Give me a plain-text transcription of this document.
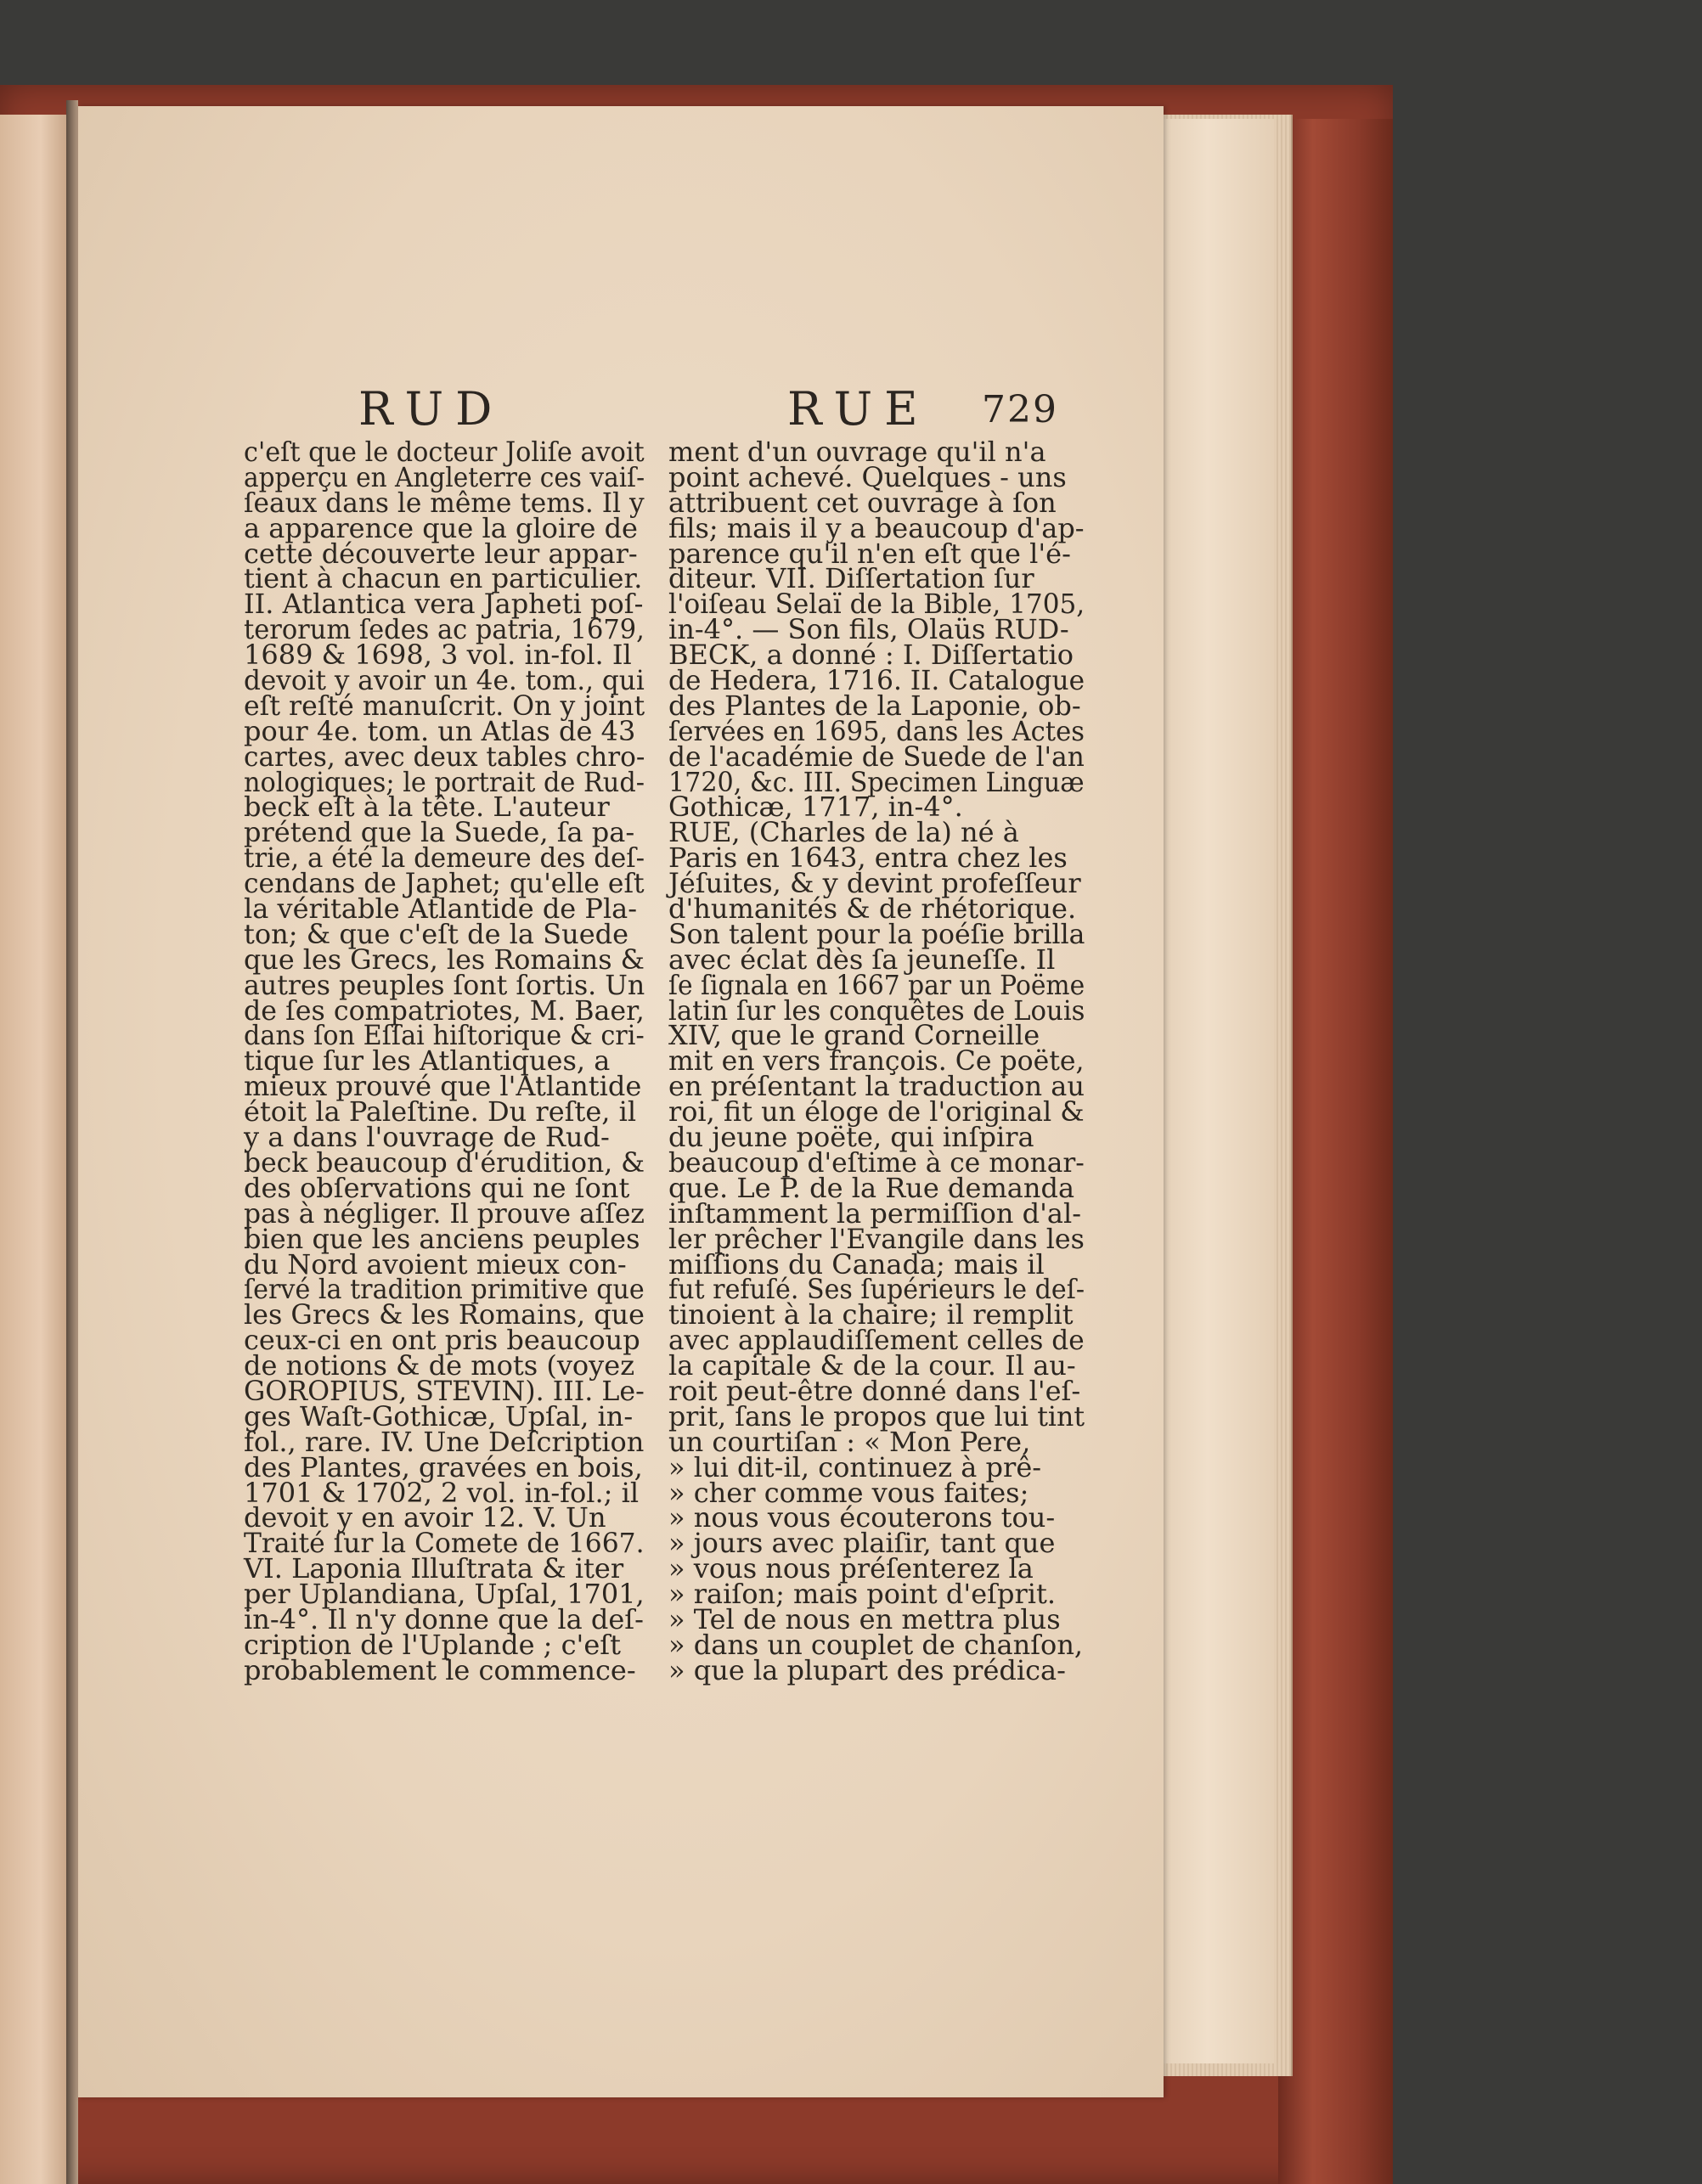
RUD	RUE 729
c'eſt que le docteur Joliſe avoit
apperçu en Angleterre ces vaiſ-
ſeaux dans le même tems. Il y
a apparence que la gloire de
cette découverte leur appar-
tient à chacun en particulier.
II. Atlantica vera Japheti poſ-
terorum ſedes ac patria, 1679,
1689 & 1698, 3 vol. in-fol. Il
devoit y avoir un 4e. tom., qui
eſt reſté manuſcrit. On y joint
pour 4e. tom. un Atlas de 43
cartes, avec deux tables chro-
nologiques; le portrait de Rud-
beck eſt à la tête. L'auteur
prétend que la Suede, ſa pa-
trie, a été la demeure des deſ-
cendans de Japhet; qu'elle eſt
la véritable Atlantide de Pla-
ton; & que c'eſt de la Suede
que les Grecs, les Romains &
autres peuples ſont ſortis. Un
de ſes compatriotes, M. Baer,
dans ſon Eſſai hiſtorique & cri-
tique ſur les Atlantiques, a
mieux prouvé que l'Atlantide
étoit la Paleſtine. Du reſte, il
y a dans l'ouvrage de Rud-
beck beaucoup d'érudition, &
des obſervations qui ne ſont
pas à négliger. Il prouve aſſez
bien que les anciens peuples
du Nord avoient mieux con-
ſervé la tradition primitive que
les Grecs & les Romains, que
ceux-ci en ont pris beaucoup
de notions & de mots (voyez
GOROPIUS, STEVIN). III. Le-
ges Waſt-Gothicæ, Upſal, in-
fol., rare. IV. Une Deſcription
des Plantes, gravées en bois,
1701 & 1702, 2 vol. in-fol.; il
devoit y en avoir 12. V. Un
Traité ſur la Comete de 1667.
VI. Laponia Illuſtrata & iter
per Uplandiana, Upſal, 1701,
in-4°. Il n'y donne que la deſ-
cription de l'Uplande ; c'eſt
probablement le commence-
ment d'un ouvrage qu'il n'a
point achevé. Quelques - uns
attribuent cet ouvrage à ſon
fils; mais il y a beaucoup d'ap-
parence qu'il n'en eſt que l'é-
diteur. VII. Diſſertation ſur
l'oiſeau Selaï de la Bible, 1705,
in-4°. — Son fils, Olaüs RUD-
BECK, a donné : I. Diſſertatio
de Hedera, 1716. II. Catalogue
des Plantes de la Laponie, ob-
ſervées en 1695, dans les Actes
de l'académie de Suede de l'an
1720, &c. III. Specimen Linguæ
Gothicæ, 1717, in-4°.
RUE, (Charles de la) né à
Paris en 1643, entra chez les
Jéſuites, & y devint profeſſeur
d'humanités & de rhétorique.
Son talent pour la poéſie brilla
avec éclat dès ſa jeuneſſe. Il
ſe ſignala en 1667 par un Poëme
latin ſur les conquêtes de Louis
XIV, que le grand Corneille
mit en vers françois. Ce poëte,
en préſentant la traduction au
roi, fit un éloge de l'original &
du jeune poëte, qui inſpira
beaucoup d'eſtime à ce monar-
que. Le P. de la Rue demanda
inſtamment la permiſſion d'al-
ler prêcher l'Evangile dans les
miſſions du Canada; mais il
fut refuſé. Ses ſupérieurs le deſ-
tinoient à la chaire; il remplit
avec applaudiſſement celles de
la capitale & de la cour. Il au-
roit peut-être donné dans l'eſ-
prit, ſans le propos que lui tint
un courtiſan : « Mon Pere,
» lui dit-il, continuez à prê-
» cher comme vous faites;
» nous vous écouterons tou-
» jours avec plaiſir, tant que
» vous nous préſenterez la
» raiſon; mais point d'eſprit.
» Tel de nous en mettra plus
» dans un couplet de chanſon,
» que la plupart des prédica-
